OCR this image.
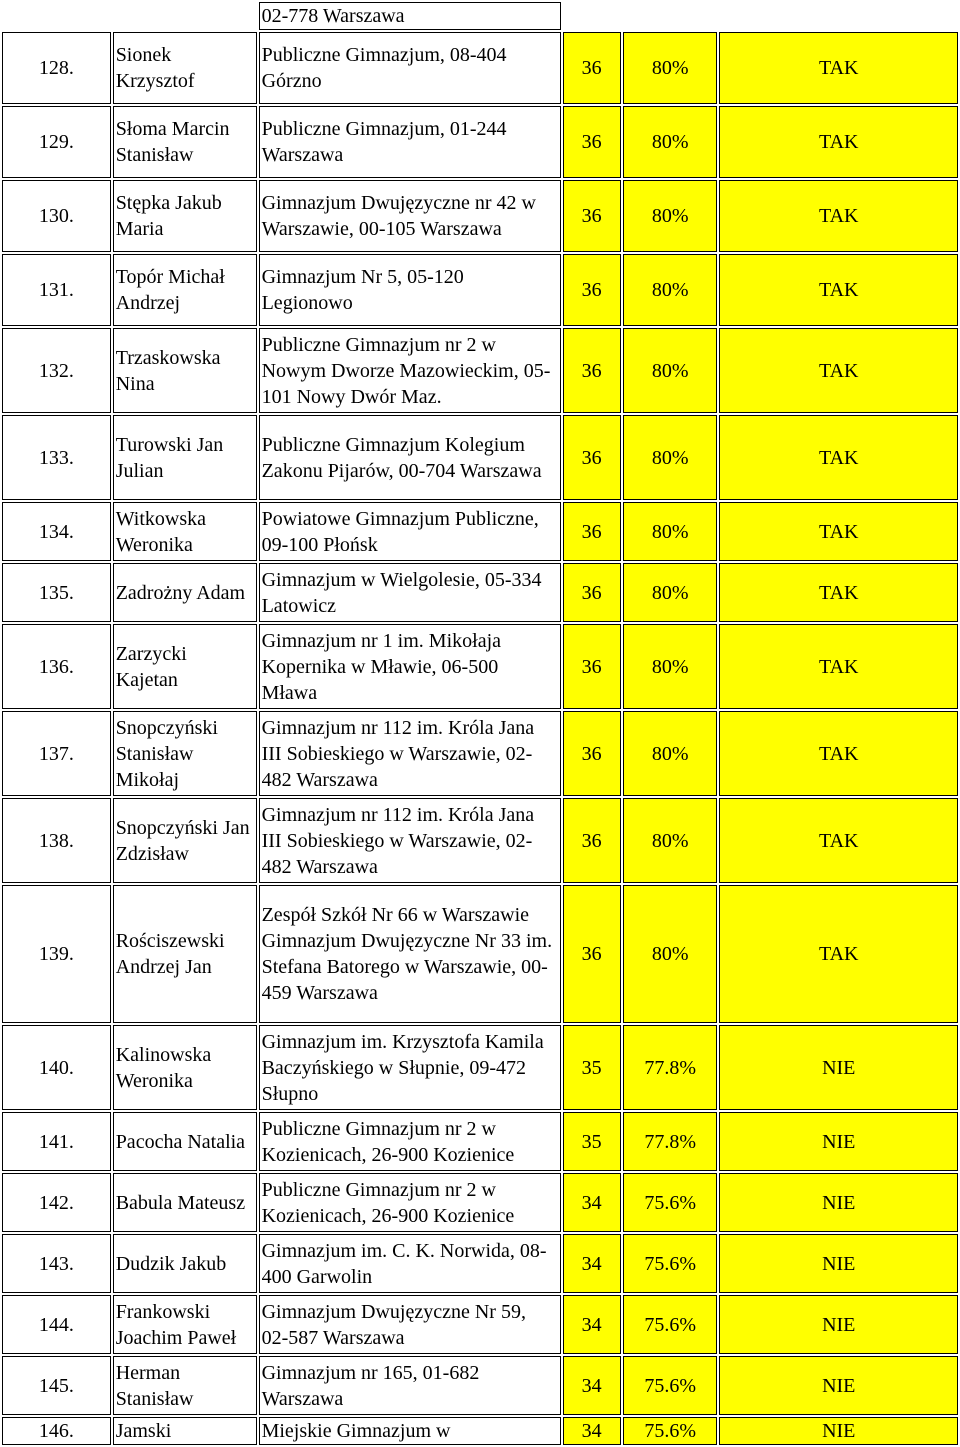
		02-778 Warszawa			
128.	Sionek Krzysztof	Publiczne Gimnazjum, 08-404 Górzno	36	80%	TAK
129.	Słoma Marcin Stanisław	Publiczne Gimnazjum, 01-244 Warszawa	36	80%	TAK
130.	Stępka Jakub Maria	Gimnazjum Dwujęzyczne nr 42 w Warszawie, 00-105 Warszawa	36	80%	TAK
131.	Topór Michał Andrzej	Gimnazjum Nr 5, 05-120 Legionowo	36	80%	TAK
132.	Trzaskowska Nina	Publiczne Gimnazjum nr 2 w Nowym Dworze Mazowieckim, 05-101 Nowy Dwór Maz.	36	80%	TAK
133.	Turowski Jan Julian	Publiczne Gimnazjum Kolegium Zakonu Pijarów, 00-704 Warszawa	36	80%	TAK
134.	Witkowska Weronika	Powiatowe Gimnazjum Publiczne, 09-100 Płońsk	36	80%	TAK
135.	Zadrożny Adam	Gimnazjum w Wielgolesie, 05-334 Latowicz	36	80%	TAK
136.	Zarzycki Kajetan	Gimnazjum nr 1 im. Mikołaja Kopernika w Mławie, 06-500 Mława	36	80%	TAK
137.	Snopczyński Stanisław Mikołaj	Gimnazjum nr 112 im. Króla Jana III Sobieskiego w Warszawie, 02-482 Warszawa	36	80%	TAK
138.	Snopczyński Jan Zdzisław	Gimnazjum nr 112 im. Króla Jana III Sobieskiego w Warszawie, 02-482 Warszawa	36	80%	TAK
139.	Rościszewski Andrzej Jan	Zespół Szkół Nr 66 w Warszawie Gimnazjum Dwujęzyczne Nr 33 im. Stefana Batorego w Warszawie, 00-459 Warszawa	36	80%	TAK
140.	Kalinowska Weronika	Gimnazjum im. Krzysztofa Kamila Baczyńskiego w Słupnie, 09-472 Słupno	35	77.8%	NIE
141.	Pacocha Natalia	Publiczne Gimnazjum nr 2 w Kozienicach, 26-900 Kozienice	35	77.8%	NIE
142.	Babula Mateusz	Publiczne Gimnazjum nr 2 w Kozienicach, 26-900 Kozienice	34	75.6%	NIE
143.	Dudzik Jakub	Gimnazjum im. C. K. Norwida, 08-400 Garwolin	34	75.6%	NIE
144.	Frankowski Joachim Paweł	Gimnazjum Dwujęzyczne Nr 59, 02-587 Warszawa	34	75.6%	NIE
145.	Herman Stanisław	Gimnazjum nr 165, 01-682 Warszawa	34	75.6%	NIE
146.	Jamski	Miejskie Gimnazjum w	34	75.6%	NIE
